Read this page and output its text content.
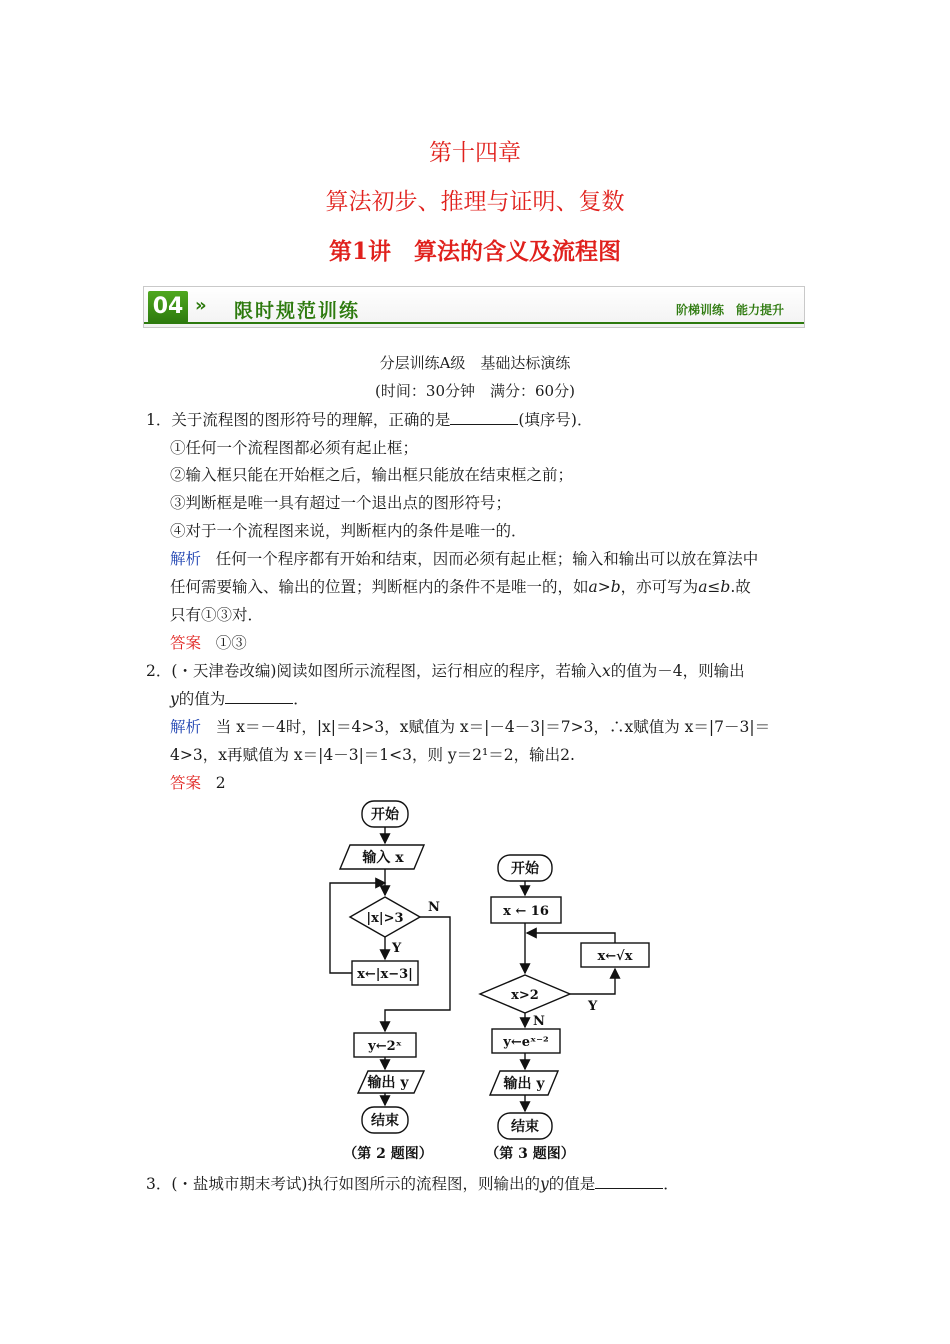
第十四章
算法初步、推理与证明、复数
第1讲　算法的含义及流程图
04 » 限时规范训练	阶梯训练　能力提升
分层训练A级　基础达标演练
(时间：30分钟　满分：60分)
1．关于流程图的图形符号的理解，正确的是	(填序号)．
①任何一个流程图都必须有起止框；
②输入框只能在开始框之后，输出框只能放在结束框之前；
③判断框是唯一具有超过一个退出点的图形符号；
④对于一个流程图来说，判断框内的条件是唯一的．
解析 任何一个程序都有开始和结束，因而必须有起止框；输入和输出可以放在算法中
任何需要输入、输出的位置；判断框内的条件不是唯一的，如a>b，亦可写为a≤b.故
只有①③对．
答案 ①③
2．(・天津卷改编)阅读如图所示流程图，运行相应的程序，若输入x的值为－4，则输出
y的值为	．
解析 当 x＝－4时，|x|＝4>3，x赋值为 x＝|－4－3|＝7>3，∴x赋值为 x＝|7－3|＝
4>3，x再赋值为 x＝|4－3|＝1<3，则 y＝2¹＝2，输出2.
答案 2
开始
输入 x
|x|>3
N
Y
x←|x−3|
y←2ˣ
输出 y
结束
开始
x ← 16
x←√x
x>2
Y
N
y←eˣ⁻²
输出 y
结束
（第 2 题图）	（第 3 题图）
3．(・盐城市期末考试)执行如图所示的流程图，则输出的y的值是	．
